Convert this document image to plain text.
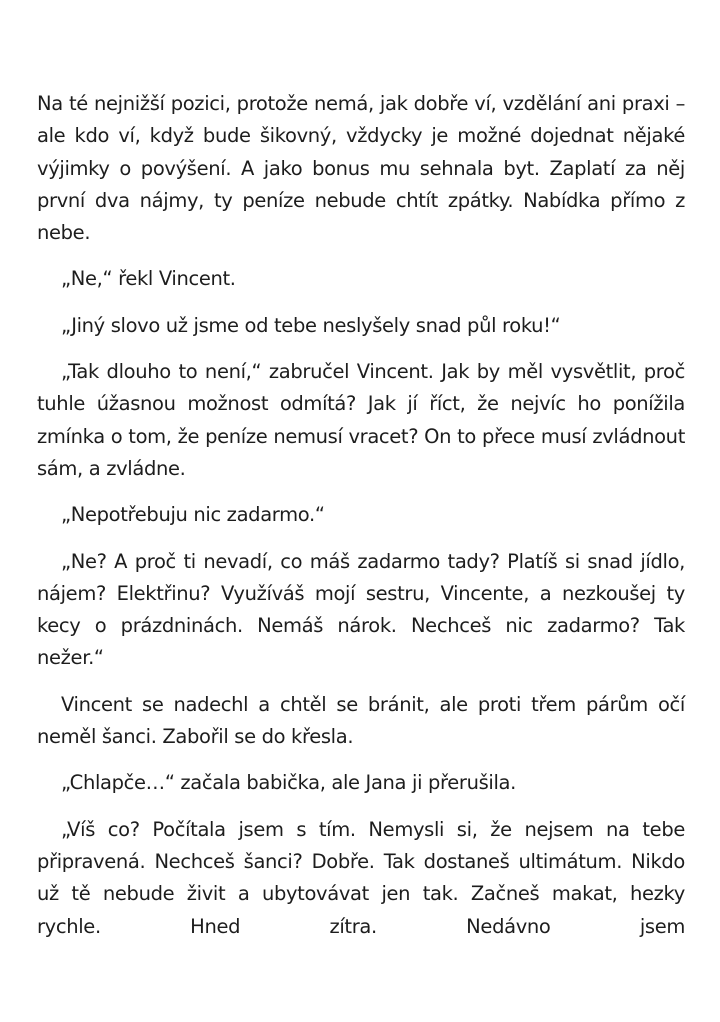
Na té nejnižší pozici, protože nemá, jak dobře ví, vzdělání ani praxi – ale kdo ví, když bude šikovný, vždycky je možné dojednat nějaké výjimky o povýšení. A jako bonus mu sehnala byt. Zaplatí za něj první dva nájmy, ty peníze nebude chtít zpátky. Nabídka přímo z nebe.

„Ne,“ řekl Vincent.

„Jiný slovo už jsme od tebe neslyšely snad půl roku!“

„Tak dlouho to není,“ zabručel Vincent. Jak by měl vysvětlit, proč tuhle úžasnou možnost odmítá? Jak jí říct, že nejvíc ho ponížila zmínka o tom, že peníze nemusí vracet? On to přece musí zvládnout sám, a zvládne.

„Nepotřebuju nic zadarmo.“

„Ne? A proč ti nevadí, co máš zadarmo tady? Platíš si snad jídlo, nájem? Elektřinu? Využíváš mojí sestru, Vincente, a nezkoušej ty kecy o prázdninách. Nemáš nárok. Nechceš nic zadarmo? Tak nežer.“

Vincent se nadechl a chtěl se bránit, ale proti třem párům očí neměl šanci. Zabořil se do křesla.

„Chlapče…“ začala babička, ale Jana ji přerušila.

„Víš co? Počítala jsem s tím. Nemysli si, že nejsem na tebe připravená. Nechceš šanci? Dobře. Tak dostaneš ultimátum. Nikdo už tě nebude živit a ubytovávat jen tak. Začneš makat, hezky rychle. Hned zítra. Nedávno jsem
